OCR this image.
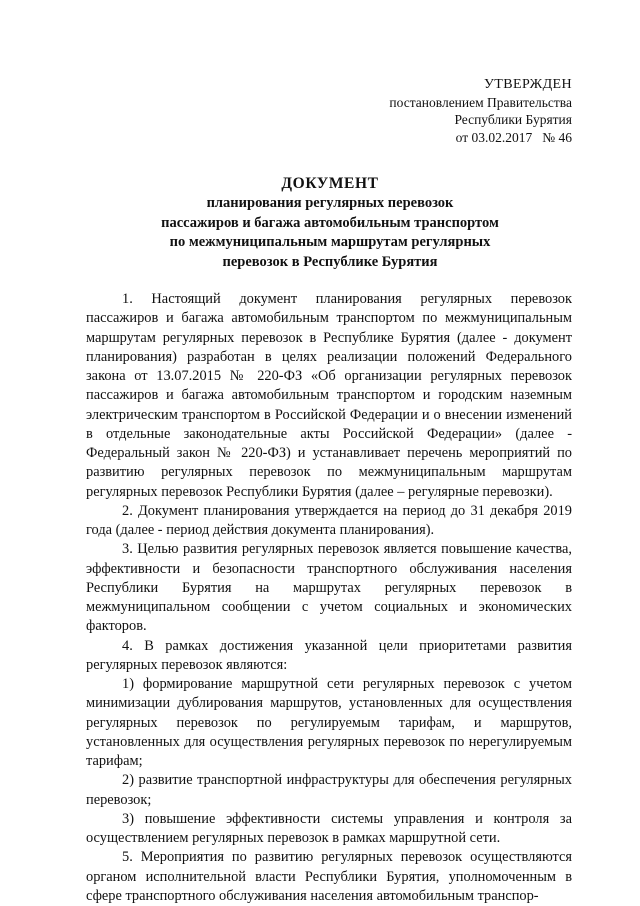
УТВЕРЖДЕН
постановлением Правительства
Республики Бурятия
от 03.02.2017 № 46
ДОКУМЕНТ
планирования регулярных перевозок
пассажиров и багажа автомобильным транспортом
по межмуниципальным маршрутам регулярных
перевозок в Республике Бурятия

1. Настоящий документ планирования регулярных перевозок пассажиров и багажа автомобильным транспортом по межмуниципальным маршрутам регулярных перевозок в Республике Бурятия (далее - документ планирования) разработан в целях реализации положений Федерального закона от 13.07.2015 № 220-ФЗ «Об организации регулярных перевозок пассажиров и багажа автомобильным транспортом и городским наземным электрическим транспортом в Российской Федерации и о внесении изменений в отдельные законодательные акты Российской Федерации» (далее - Федеральный закон № 220-ФЗ) и устанавливает перечень мероприятий по развитию регулярных перевозок по межмуниципальным маршрутам регулярных перевозок Республики Бурятия (далее – регулярные перевозки).

2. Документ планирования утверждается на период до 31 декабря 2019 года (далее - период действия документа планирования).

3. Целью развития регулярных перевозок является повышение качества, эффективности и безопасности транспортного обслуживания населения Республики Бурятия на маршрутах регулярных перевозок в межмуниципальном сообщении с учетом социальных и экономических факторов.

4. В рамках достижения указанной цели приоритетами развития регулярных перевозок являются:

1) формирование маршрутной сети регулярных перевозок с учетом минимизации дублирования маршрутов, установленных для осуществления регулярных перевозок по регулируемым тарифам, и маршрутов, установленных для осуществления регулярных перевозок по нерегулируемым тарифам;

2) развитие транспортной инфраструктуры для обеспечения регулярных перевозок;

3) повышение эффективности системы управления и контроля за осуществлением регулярных перевозок в рамках маршрутной сети.

5. Мероприятия по развитию регулярных перевозок осуществляются органом исполнительной власти Республики Бурятия, уполномоченным в сфере транспортного обслуживания населения автомобильным транспор-
